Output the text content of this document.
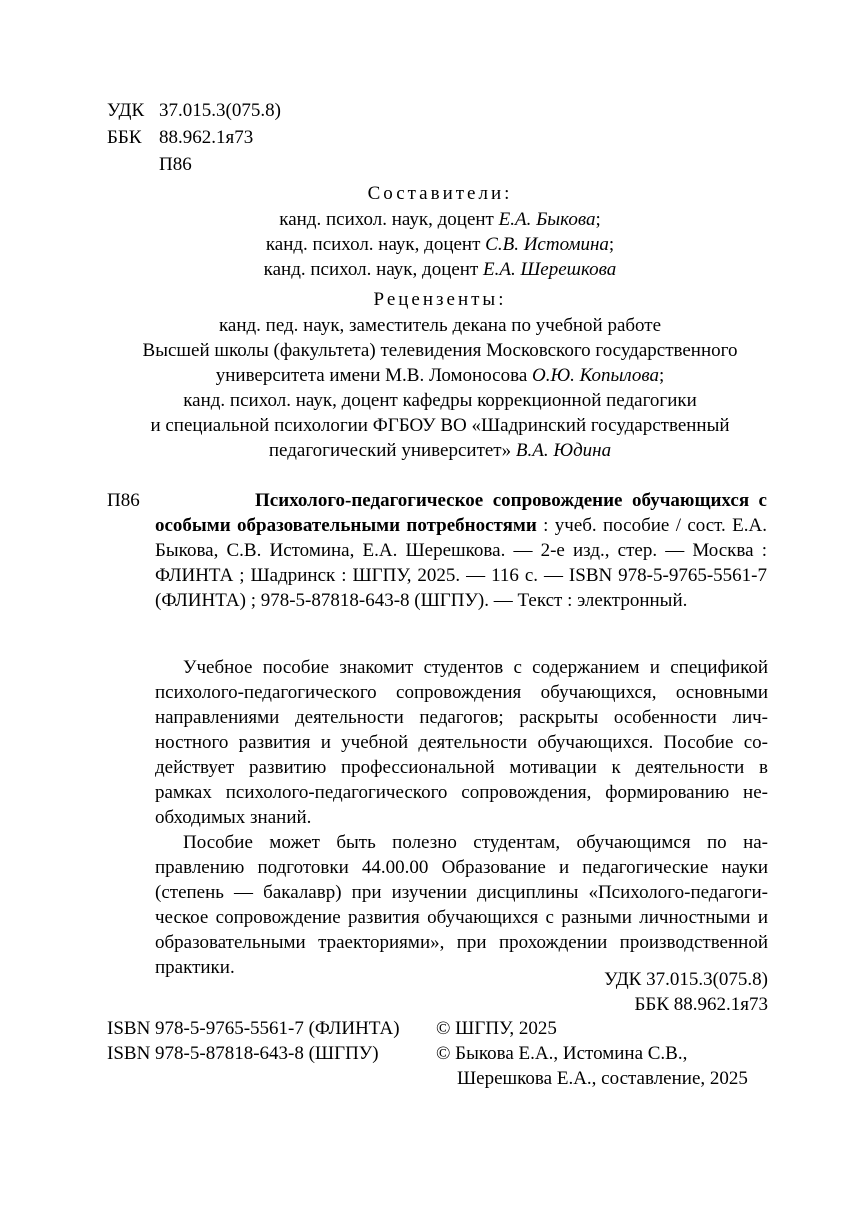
УДК 37.015.3(075.8)
ББК 88.962.1я73
П86
Составители:
канд. психол. наук, доцент Е.А. Быкова;
канд. психол. наук, доцент С.В. Истомина;
канд. психол. наук, доцент Е.А. Шерешкова
Рецензенты:
канд. пед. наук, заместитель декана по учебной работе
Высшей школы (факультета) телевидения Московского государственного
университета имени М.В. Ломоносова О.Ю. Копылова;
канд. психол. наук, доцент кафедры коррекционной педагогики
и специальной психологии ФГБОУ ВО «Шадринский государственный
педагогический университет» В.А. Юдина
П86	Психолого-педагогическое сопровождение обучающихся с особыми образовательными потребностями : учеб. пособие / сост. Е.А. Быкова, С.В. Истомина, Е.А. Шерешкова. — 2-е изд., стер. — Москва : ФЛИНТА ; Шадринск : ШГПУ, 2025. — 116 с. — ISBN 978-5-9765-5561-7 (ФЛИНТА) ; 978-5-87818-643-8 (ШГПУ). — Текст : электронный.

Учебное пособие знакомит студентов с содержанием и спецификой психолого-педагогического сопровождения обучающихся, основными направлениями деятельности педагогов; раскрыты особенности личностного развития и учебной деятельности обучающихся. Пособие содействует развитию профессиональной мотивации к деятельности в рамках психолого-педагогического сопровождения, формированию необходимых знаний.

Пособие может быть полезно студентам, обучающимся по направлению подготовки 44.00.00 Образование и педагогические науки (степень — бакалавр) при изучении дисциплины «Психолого-педагогическое сопровождение развития обучающихся с разными личностными и образовательными траекториями», при прохождении производственной практики.

УДК 37.015.3(075.8)
ББК 88.962.1я73
ISBN 978-5-9765-5561-7 (ФЛИНТА)
ISBN 978-5-87818-643-8 (ШГПУ)
© ШГПУ, 2025
© Быкова Е.А., Истомина С.В.,
Шерешкова Е.А., составление, 2025
